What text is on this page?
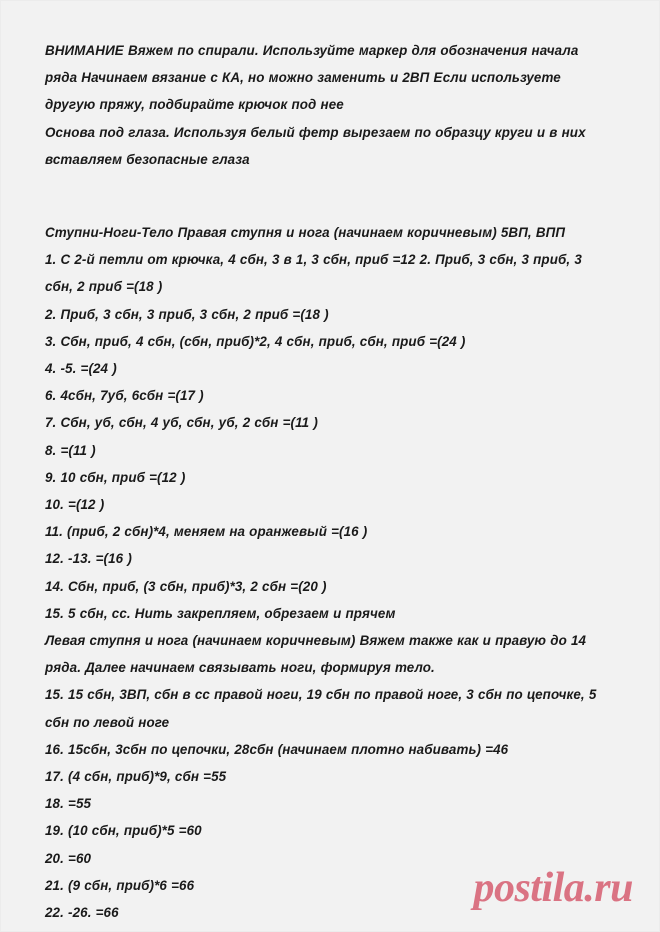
ВНИМАНИЕ Вяжем по спирали. Используйте маркер для обозначения начала ряда Начинаем вязание с КА, но можно заменить и 2ВП Если используете другую пряжу, подбирайте крючок под нее

Основа под глаза. Используя белый фетр вырезаем по образцу круги и в них вставляем безопасные глаза

Ступни-Ноги-Тело Правая ступня и нога (начинаем коричневым) 5ВП, ВПП

1. С 2-й петли от крючка, 4 сбн, 3 в 1, 3 сбн, приб =12 2. Приб, 3 сбн, 3 приб, 3 сбн, 2 приб =(18 )

2. Приб, 3 сбн, 3 приб, 3 сбн, 2 приб =(18 )

3. Сбн, приб, 4 сбн, (сбн, приб)*2, 4 сбн, приб, сбн, приб =(24 )

4. -5. =(24 )

6. 4сбн, 7уб, 6сбн =(17 )

7. Сбн, уб, сбн, 4 уб, сбн, уб, 2 сбн =(11 )

8. =(11 )

9. 10 сбн, приб =(12 )

10. =(12 )

11. (приб, 2 сбн)*4, меняем на оранжевый =(16 )

12. -13. =(16 )

14. Сбн, приб, (3 сбн, приб)*3, 2 сбн =(20 )

15. 5 сбн, сс. Нить закрепляем, обрезаем и прячем

Левая ступня и нога (начинаем коричневым) Вяжем также как и правую до 14 ряда. Далее начинаем связывать ноги, формируя тело.

15. 15 сбн, 3ВП, сбн в сс правой ноги, 19 сбн по правой ноге, 3 сбн по цепочке, 5 сбн по левой ноге

16. 15сбн, 3сбн по цепочки, 28сбн (начинаем плотно набивать) =46

17. (4 сбн, приб)*9, сбн =55

18. =55

19. (10 сбн, приб)*5 =60

20. =60

21. (9 сбн, приб)*6 =66

22. -26. =66

postila.ru
